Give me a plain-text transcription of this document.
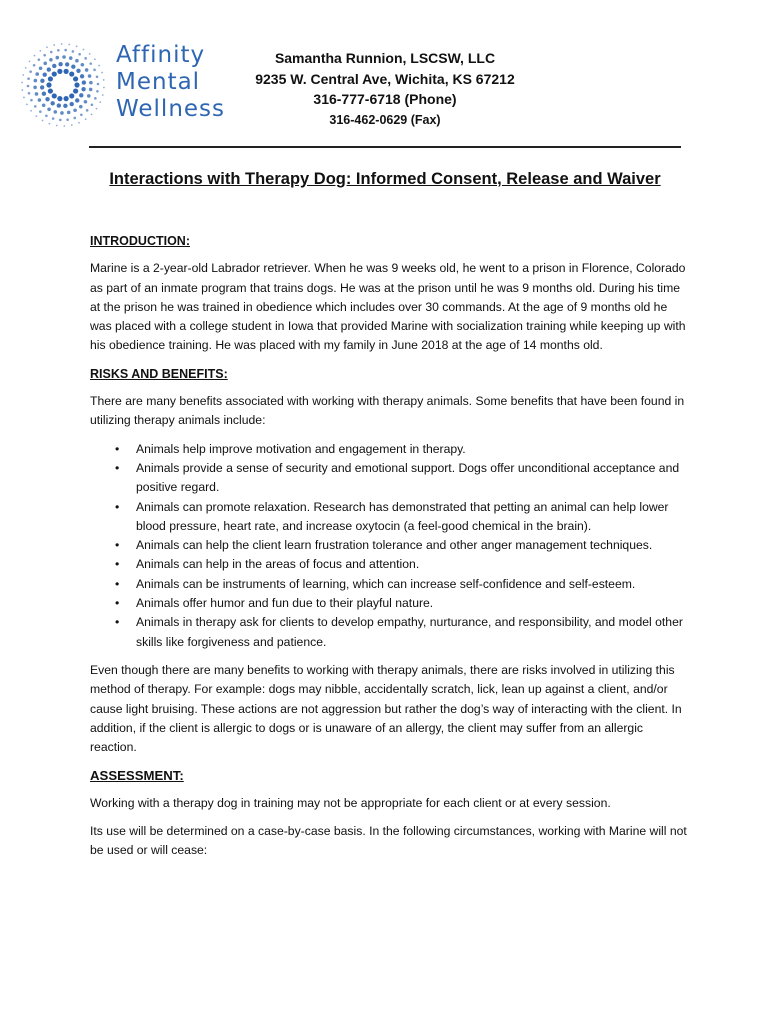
Affinity
Mental
Wellness
Samantha Runnion, LSCSW, LLC
9235 W. Central Ave, Wichita, KS 67212
316-777-6718 (Phone)
316-462-0629 (Fax)
Interactions with Therapy Dog: Informed Consent, Release and Waiver
INTRODUCTION:

Marine is a 2-year-old Labrador retriever. When he was 9 weeks old, he went to a prison in Florence, Colorado as part of an inmate program that trains dogs. He was at the prison until he was 9 months old. During his time at the prison he was trained in obedience which includes over 30 commands. At the age of 9 months old he was placed with a college student in Iowa that provided Marine with socialization training while keeping up with his obedience training. He was placed with my family in June 2018 at the age of 14 months old.

RISKS AND BENEFITS:

There are many benefits associated with working with therapy animals. Some benefits that have been found in utilizing therapy animals include:

• Animals help improve motivation and engagement in therapy.
• Animals provide a sense of security and emotional support. Dogs offer unconditional acceptance and positive regard.
• Animals can promote relaxation. Research has demonstrated that petting an animal can help lower blood pressure, heart rate, and increase oxytocin (a feel-good chemical in the brain).
• Animals can help the client learn frustration tolerance and other anger management techniques.
• Animals can help in the areas of focus and attention.
• Animals can be instruments of learning, which can increase self-confidence and self-esteem.
• Animals offer humor and fun due to their playful nature.
• Animals in therapy ask for clients to develop empathy, nurturance, and responsibility, and model other skills like forgiveness and patience.

Even though there are many benefits to working with therapy animals, there are risks involved in utilizing this method of therapy. For example: dogs may nibble, accidentally scratch, lick, lean up against a client, and/or cause light bruising. These actions are not aggression but rather the dog’s way of interacting with the client. In addition, if the client is allergic to dogs or is unaware of an allergy, the client may suffer from an allergic reaction.

ASSESSMENT:

Working with a therapy dog in training may not be appropriate for each client or at every session.

Its use will be determined on a case-by-case basis. In the following circumstances, working with Marine will not be used or will cease:
